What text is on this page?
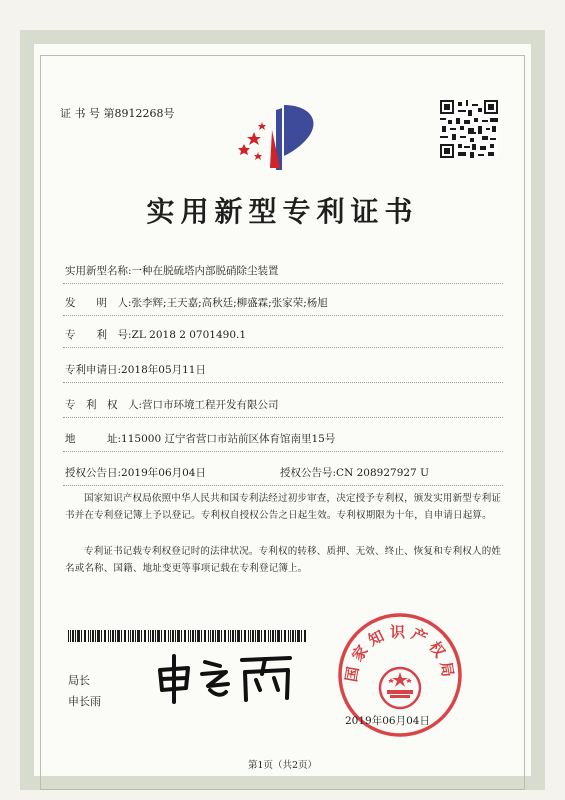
证 书 号 第8912268号
实用新型专利证书
实用新型名称:一种在脱硫塔内部脱硝除尘装置
发　　明　人:张李辉;王天嘉;高秋廷;柳盛霖;张家荣;杨旭
专　　利　号:ZL 2018 2 0701490.1
专利申请日:2018年05月11日
专　利　权　人:营口市环境工程开发有限公司
地　　　址:115000 辽宁省营口市站前区体育馆南里15号
授权公告日:2019年06月04日	授权公告号:CN 208927927 U
国家知识产权局依照中华人民共和国专利法经过初步审查，决定授予专利权，颁发实用新型专利证书并在专利登记簿上予以登记。专利权自授权公告之日起生效。专利权期限为十年，自申请日起算。
专利证书记载专利权登记时的法律状况。专利权的转移、质押、无效、终止、恢复和专利权人的姓名或名称、国籍、地址变更等事项记载在专利登记簿上。
国家知识产权局
局长
申长雨
2019年06月04日
第1页（共2页）
